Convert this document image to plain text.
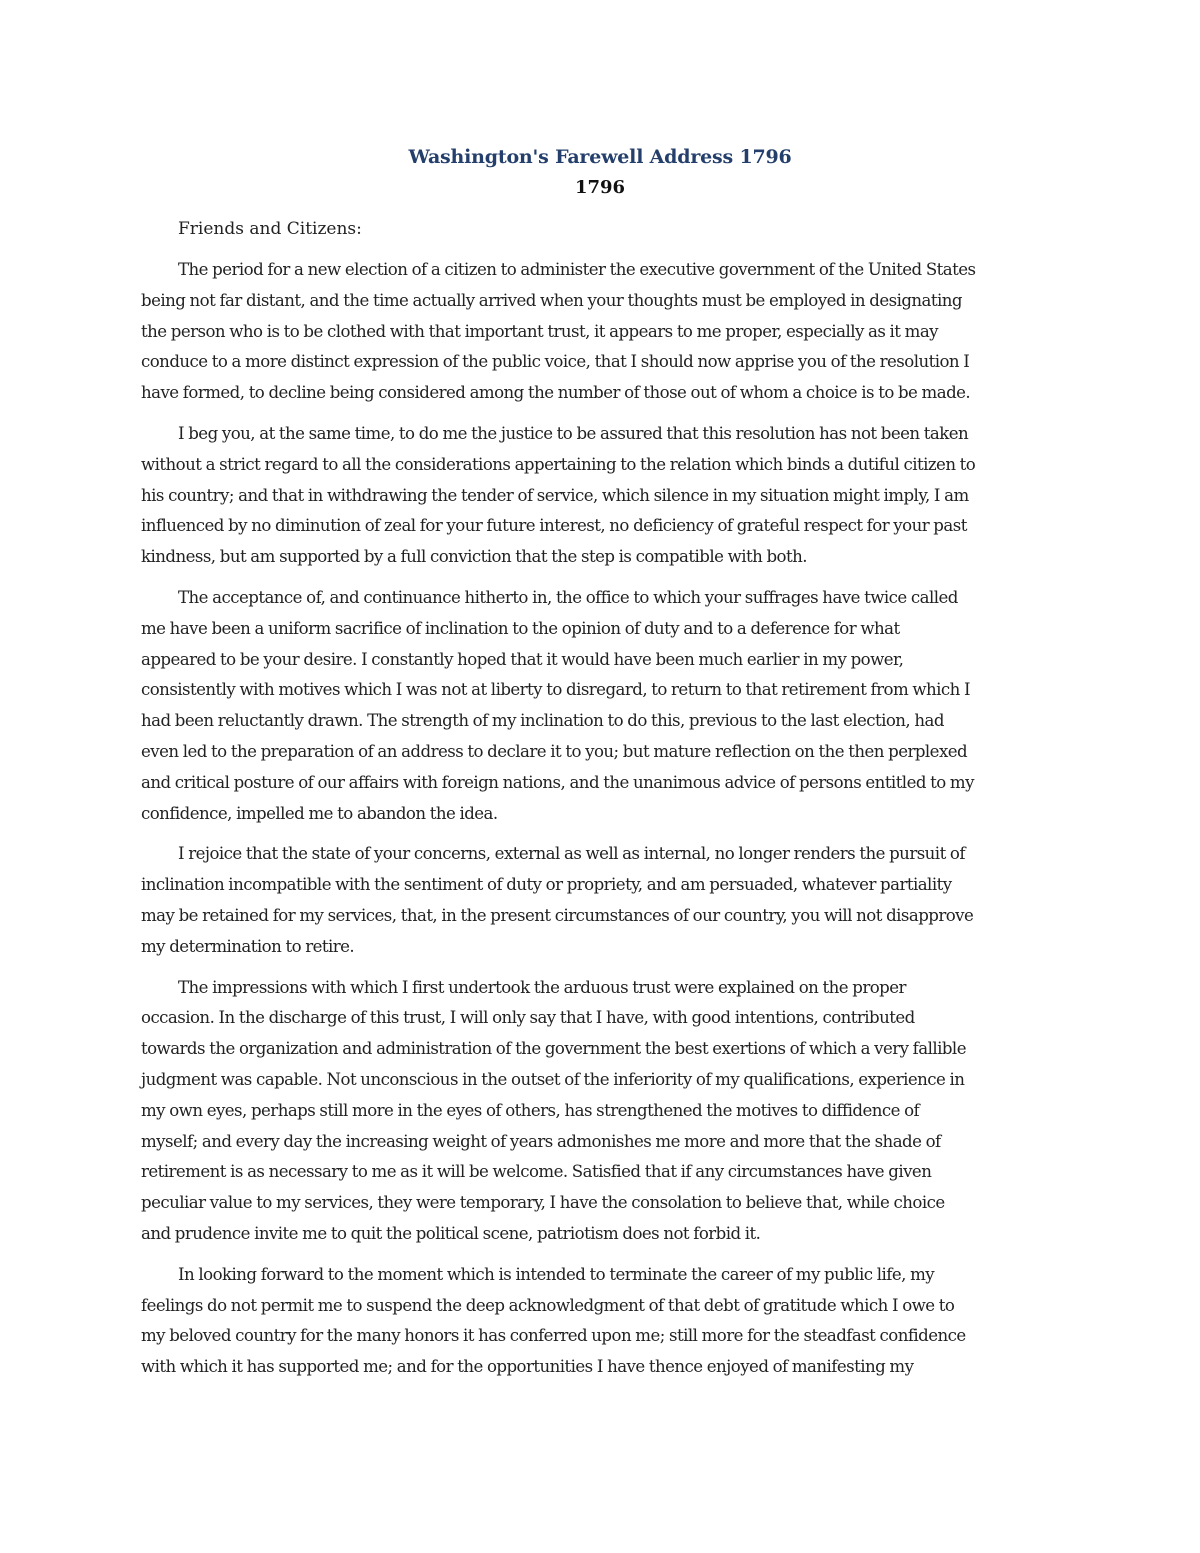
Washington's Farewell Address 1796
1796

Friends and Citizens:

The period for a new election of a citizen to administer the executive government of the United States
being not far distant, and the time actually arrived when your thoughts must be employed in designating
the person who is to be clothed with that important trust, it appears to me proper, especially as it may
conduce to a more distinct expression of the public voice, that I should now apprise you of the resolution I
have formed, to decline being considered among the number of those out of whom a choice is to be made.

I beg you, at the same time, to do me the justice to be assured that this resolution has not been taken
without a strict regard to all the considerations appertaining to the relation which binds a dutiful citizen to
his country; and that in withdrawing the tender of service, which silence in my situation might imply, I am
influenced by no diminution of zeal for your future interest, no deficiency of grateful respect for your past
kindness, but am supported by a full conviction that the step is compatible with both.

The acceptance of, and continuance hitherto in, the office to which your suffrages have twice called
me have been a uniform sacrifice of inclination to the opinion of duty and to a deference for what
appeared to be your desire. I constantly hoped that it would have been much earlier in my power,
consistently with motives which I was not at liberty to disregard, to return to that retirement from which I
had been reluctantly drawn. The strength of my inclination to do this, previous to the last election, had
even led to the preparation of an address to declare it to you; but mature reflection on the then perplexed
and critical posture of our affairs with foreign nations, and the unanimous advice of persons entitled to my
confidence, impelled me to abandon the idea.

I rejoice that the state of your concerns, external as well as internal, no longer renders the pursuit of
inclination incompatible with the sentiment of duty or propriety, and am persuaded, whatever partiality
may be retained for my services, that, in the present circumstances of our country, you will not disapprove
my determination to retire.

The impressions with which I first undertook the arduous trust were explained on the proper
occasion. In the discharge of this trust, I will only say that I have, with good intentions, contributed
towards the organization and administration of the government the best exertions of which a very fallible
judgment was capable. Not unconscious in the outset of the inferiority of my qualifications, experience in
my own eyes, perhaps still more in the eyes of others, has strengthened the motives to diffidence of
myself; and every day the increasing weight of years admonishes me more and more that the shade of
retirement is as necessary to me as it will be welcome. Satisfied that if any circumstances have given
peculiar value to my services, they were temporary, I have the consolation to believe that, while choice
and prudence invite me to quit the political scene, patriotism does not forbid it.

In looking forward to the moment which is intended to terminate the career of my public life, my
feelings do not permit me to suspend the deep acknowledgment of that debt of gratitude which I owe to
my beloved country for the many honors it has conferred upon me; still more for the steadfast confidence
with which it has supported me; and for the opportunities I have thence enjoyed of manifesting my
